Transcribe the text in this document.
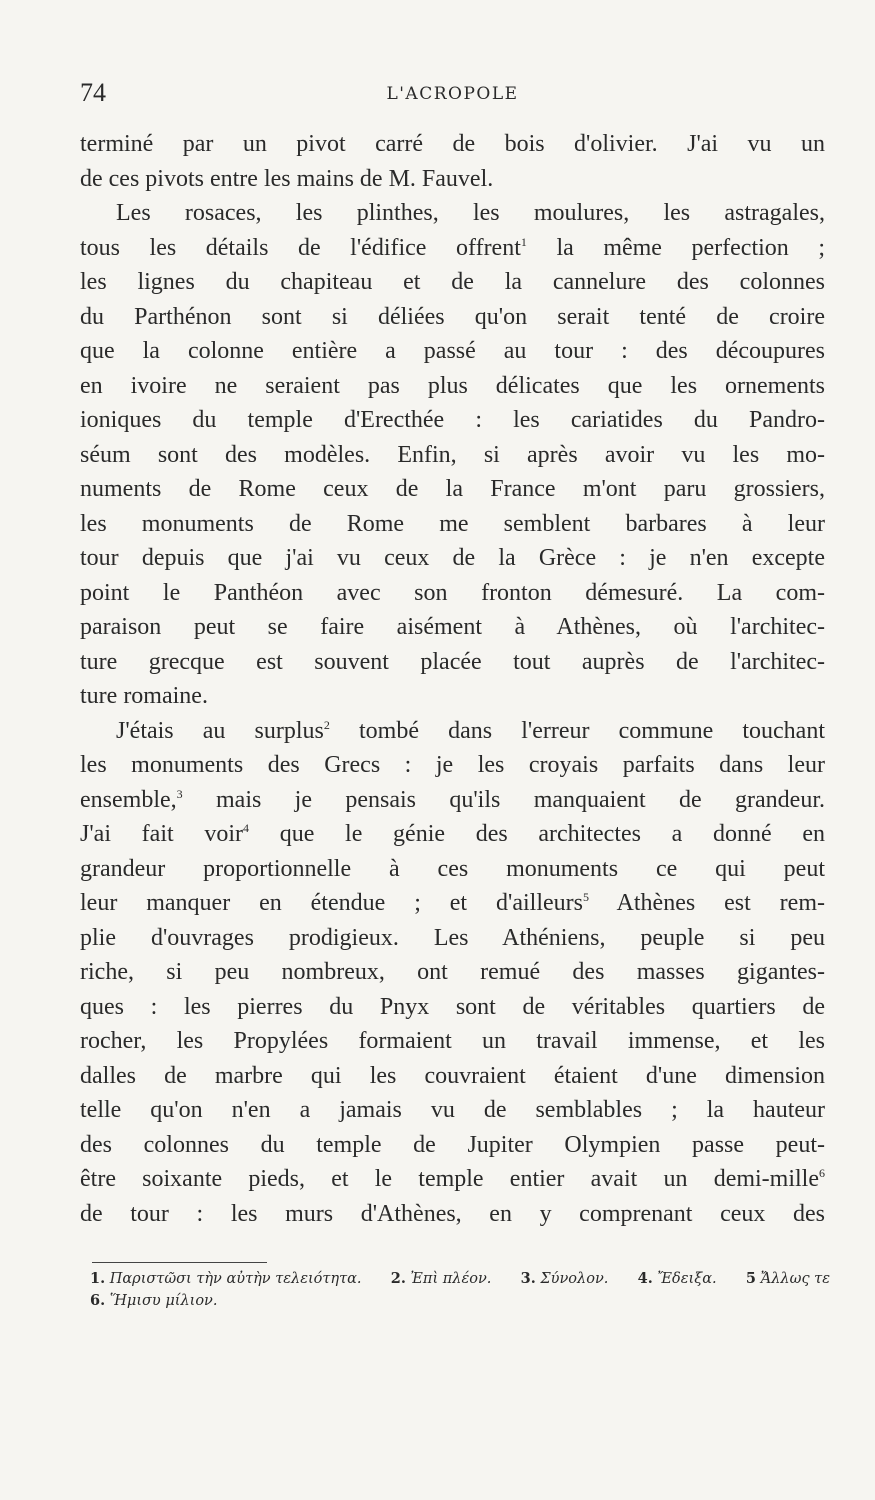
74	L'ACROPOLE
terminé par un pivot carré de bois d'olivier. J'ai vu un
de ces pivots entre les mains de M. Fauvel.
Les rosaces, les plinthes, les moulures, les astragales,
tous les détails de l'édifice offrent$^1$ la même perfection ;
les lignes du chapiteau et de la cannelure des colonnes
du Parthénon sont si déliées qu'on serait tenté de croire
que la colonne entière a passé au tour : des découpures
en ivoire ne seraient pas plus délicates que les ornements
ioniques du temple d'Erecthée : les cariatides du Pandro-
séum sont des modèles. Enfin, si après avoir vu les mo-
numents de Rome ceux de la France m'ont paru grossiers,
les monuments de Rome me semblent barbares à leur
tour depuis que j'ai vu ceux de la Grèce : je n'en excepte
point le Panthéon avec son fronton démesuré. La com-
paraison peut se faire aisément à Athènes, où l'architec-
ture grecque est souvent placée tout auprès de l'architec-
ture romaine.
J'étais au surplus$^2$ tombé dans l'erreur commune touchant
les monuments des Grecs : je les croyais parfaits dans leur
ensemble,$^3$ mais je pensais qu'ils manquaient de grandeur.
J'ai fait voir$^4$ que le génie des architectes a donné en
grandeur proportionnelle à ces monuments ce qui peut
leur manquer en étendue ; et d'ailleurs$^5$ Athènes est rem-
plie d'ouvrages prodigieux. Les Athéniens, peuple si peu
riche, si peu nombreux, ont remué des masses gigantes-
ques : les pierres du Pnyx sont de véritables quartiers de
rocher, les Propylées formaient un travail immense, et les
dalles de marbre qui les couvraient étaient d'une dimension
telle qu'on n'en a jamais vu de semblables ; la hauteur
des colonnes du temple de Jupiter Olympien passe peut-
être soixante pieds, et le temple entier avait un demi-mille$^6$
de tour : les murs d'Athènes, en y comprenant ceux des
1. Παριστῶσι τὴν αὐτὴν τελειότητα. 2. Ἐπὶ πλέον. 3. Σύνολον. 4. Ἔδειξα. 5 Ἄλλως τε
6. Ἥμισυ μίλιον.
